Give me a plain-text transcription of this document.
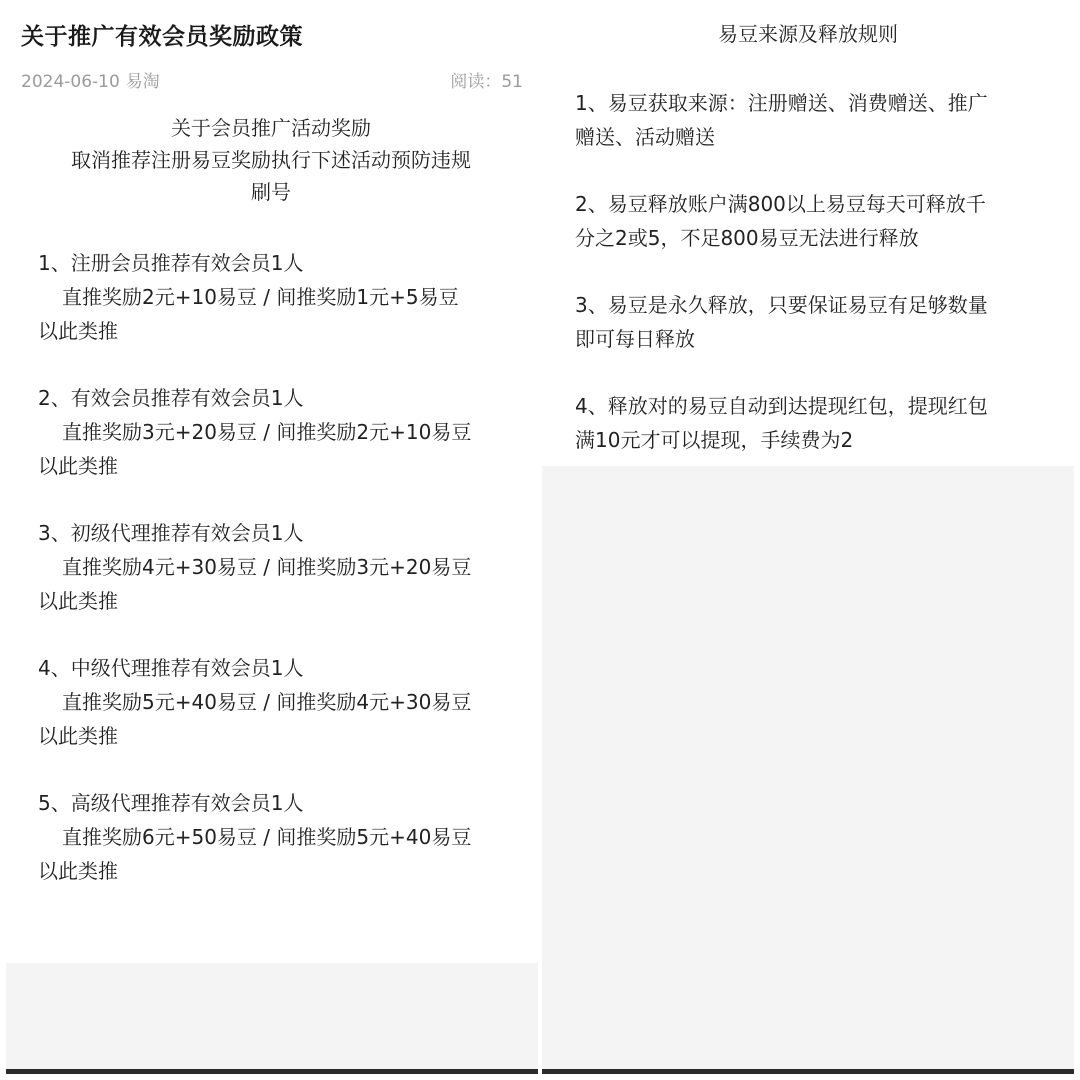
关于推广有效会员奖励政策
2024-06-10 易淘	阅读：51
关于会员推广活动奖励
取消推荐注册易豆奖励执行下述活动预防违规
刷号
1、注册会员推荐有效会员1人
直推奖励2元+10易豆 / 间推奖励1元+5易豆
以此类推
2、有效会员推荐有效会员1人
直推奖励3元+20易豆 / 间推奖励2元+10易豆
以此类推
3、初级代理推荐有效会员1人
直推奖励4元+30易豆 / 间推奖励3元+20易豆
以此类推
4、中级代理推荐有效会员1人
直推奖励5元+40易豆 / 间推奖励4元+30易豆
以此类推
5、高级代理推荐有效会员1人
直推奖励6元+50易豆 / 间推奖励5元+40易豆
以此类推
易豆来源及释放规则
1、易豆获取来源：注册赠送、消费赠送、推广
赠送、活动赠送
2、易豆释放账户满800以上易豆每天可释放千
分之2或5，不足800易豆无法进行释放
3、易豆是永久释放，只要保证易豆有足够数量
即可每日释放
4、释放对的易豆自动到达提现红包，提现红包
满10元才可以提现，手续费为2
